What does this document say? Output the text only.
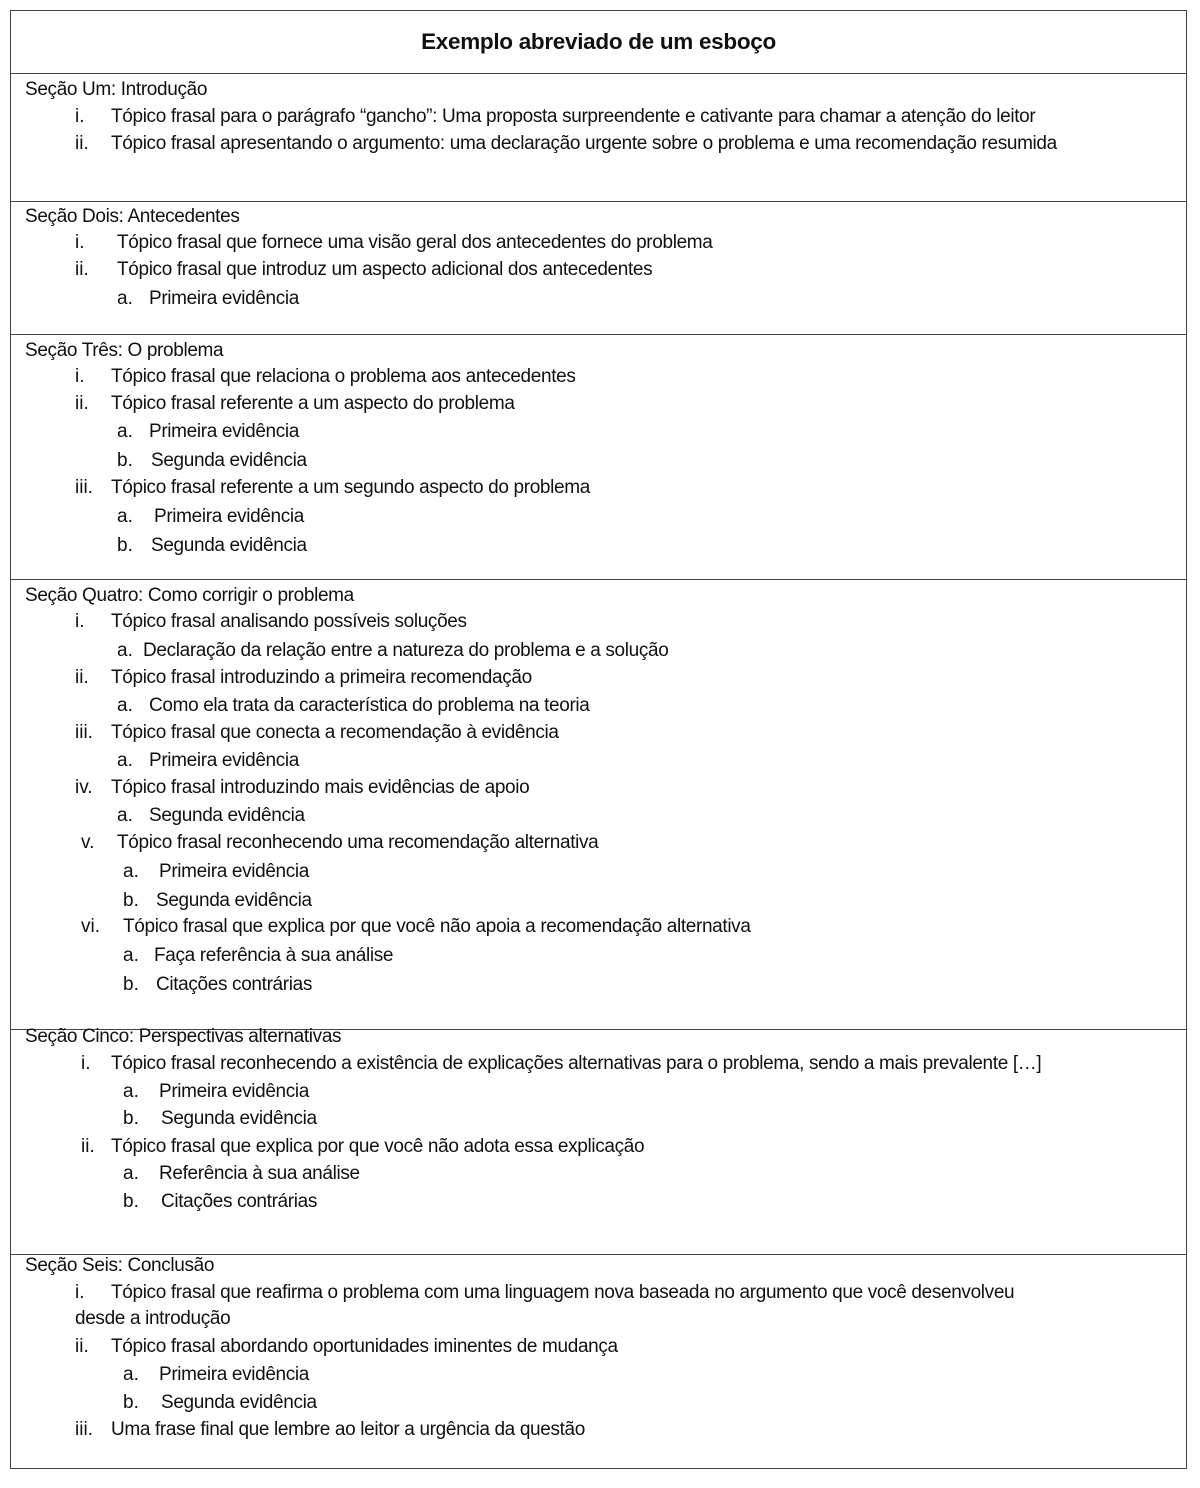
Exemplo abreviado de um esboço
Seção Um: Introdução
i. Tópico frasal para o parágrafo “gancho”: Uma proposta surpreendente e cativante para chamar a atenção do leitor
ii. Tópico frasal apresentando o argumento: uma declaração urgente sobre o problema e uma recomendação resumida
Seção Dois: Antecedentes
i. Tópico frasal que fornece uma visão geral dos antecedentes do problema
ii. Tópico frasal que introduz um aspecto adicional dos antecedentes
a. Primeira evidência
Seção Três: O problema
i. Tópico frasal que relaciona o problema aos antecedentes
ii. Tópico frasal referente a um aspecto do problema
a. Primeira evidência
b. Segunda evidência
iii. Tópico frasal referente a um segundo aspecto do problema
a. Primeira evidência
b. Segunda evidência
Seção Quatro: Como corrigir o problema
i. Tópico frasal analisando possíveis soluções
a. Declaração da relação entre a natureza do problema e a solução
ii. Tópico frasal introduzindo a primeira recomendação
a. Como ela trata da característica do problema na teoria
iii. Tópico frasal que conecta a recomendação à evidência
a. Primeira evidência
iv. Tópico frasal introduzindo mais evidências de apoio
a. Segunda evidência
v. Tópico frasal reconhecendo uma recomendação alternativa
a. Primeira evidência
b. Segunda evidência
vi. Tópico frasal que explica por que você não apoia a recomendação alternativa
a. Faça referência à sua análise
b. Citações contrárias
Seção Cinco: Perspectivas alternativas
i. Tópico frasal reconhecendo a existência de explicações alternativas para o problema, sendo a mais prevalente […]
a. Primeira evidência
b. Segunda evidência
ii. Tópico frasal que explica por que você não adota essa explicação
a. Referência à sua análise
b. Citações contrárias
Seção Seis: Conclusão
i. Tópico frasal que reafirma o problema com uma linguagem nova baseada no argumento que você desenvolveu
desde a introdução
ii. Tópico frasal abordando oportunidades iminentes de mudança
a. Primeira evidência
b. Segunda evidência
iii. Uma frase final que lembre ao leitor a urgência da questão
